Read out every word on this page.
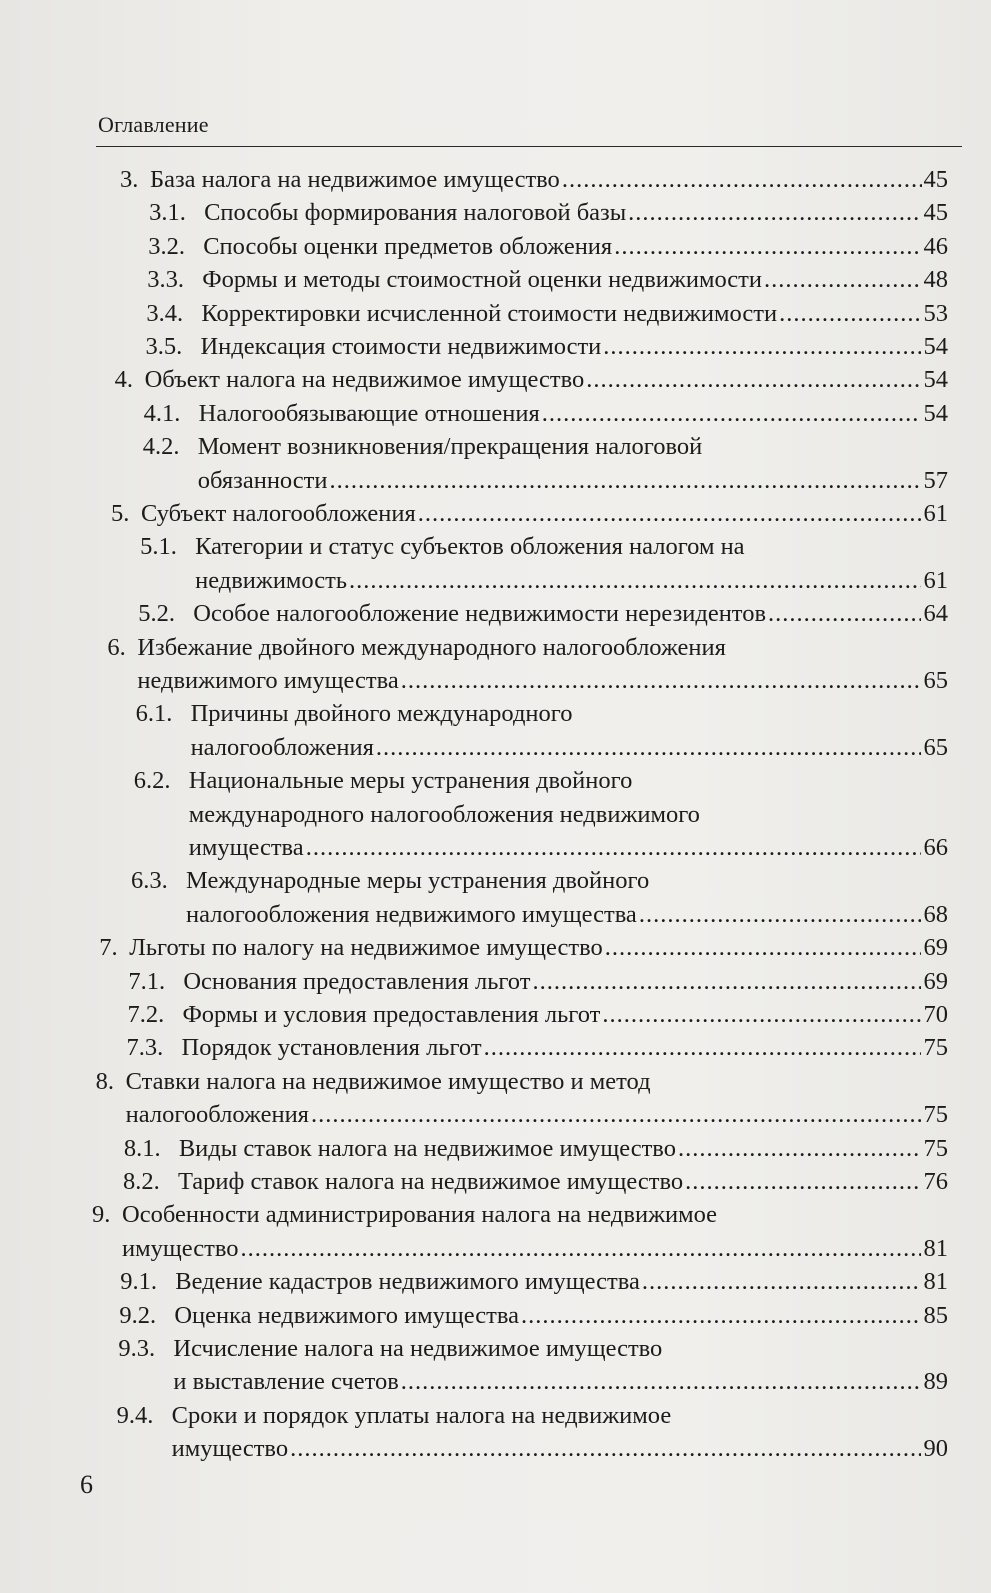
Оглавление
3. База налога на недвижимое имущество .....	45
3.1. Способы формирования налоговой базы .....	45
3.2. Способы оценки предметов обложения .....	46
3.3. Формы и методы стоимостной оценки недвижимости .....	48
3.4. Корректировки исчисленной стоимости недвижимости .....	53
3.5. Индексация стоимости недвижимости .....	54
4. Объект налога на недвижимое имущество .....	54
4.1. Налогообязывающие отношения .....	54
4.2. Момент возникновения/прекращения налоговой
обязанности .....	57
5. Субъект налогообложения .....	61
5.1. Категории и статус субъектов обложения налогом на
недвижимость .....	61
5.2. Особое налогообложение недвижимости нерезидентов .....	64
6. Избежание двойного международного налогообложения
недвижимого имущества .....	65
6.1. Причины двойного международного
налогообложения .....	65
6.2. Национальные меры устранения двойного
международного налогообложения недвижимого
имущества .....	66
6.3. Международные меры устранения двойного
налогообложения недвижимого имущества .....	68
7. Льготы по налогу на недвижимое имущество .....	69
7.1. Основания предоставления льгот .....	69
7.2. Формы и условия предоставления льгот .....	70
7.3. Порядок установления льгот .....	75
8. Ставки налога на недвижимое имущество и метод
налогообложения .....	75
8.1. Виды ставок налога на недвижимое имущество .....	75
8.2. Тариф ставок налога на недвижимое имущество .....	76
9. Особенности администрирования налога на недвижимое
имущество .....	81
9.1. Ведение кадастров недвижимого имущества .....	81
9.2. Оценка недвижимого имущества .....	85
9.3. Исчисление налога на недвижимое имущество
и выставление счетов .....	89
9.4. Сроки и порядок уплаты налога на недвижимое
имущество .....	90
6
